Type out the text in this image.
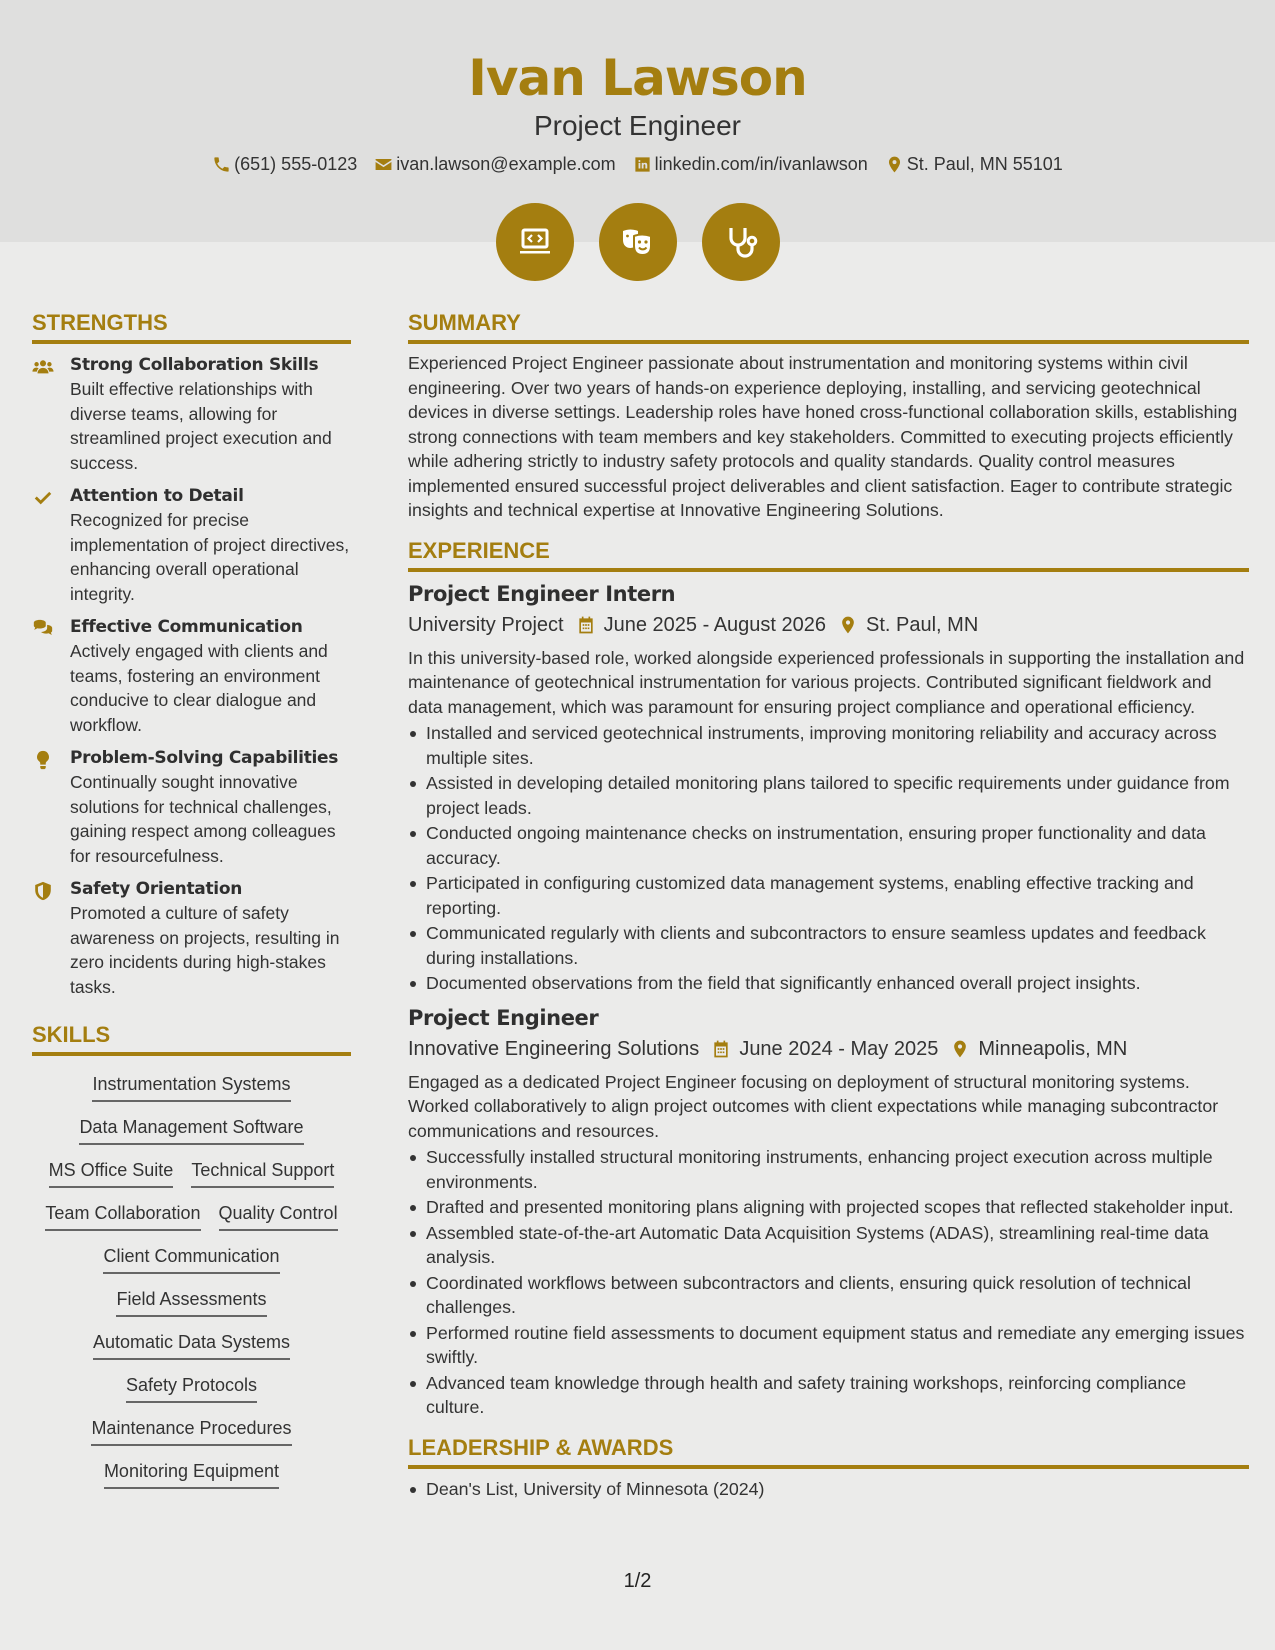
Ivan Lawson
Project Engineer
(651) 555-0123 ivan.lawson@example.com linkedin.com/in/ivanlawson St. Paul, MN 55101
STRENGTHS
Strong Collaboration Skills

Built effective relationships with diverse teams, allowing for streamlined project execution and success.

Attention to Detail

Recognized for precise implementation of project directives, enhancing overall operational integrity.

Effective Communication

Actively engaged with clients and teams, fostering an environment conducive to clear dialogue and workflow.

Problem-Solving Capabilities

Continually sought innovative solutions for technical challenges, gaining respect among colleagues for resourcefulness.

Safety Orientation

Promoted a culture of safety awareness on projects, resulting in zero incidents during high-stakes tasks.

SKILLS
Instrumentation Systems
Data Management Software
MS Office Suite Technical Support
Team Collaboration Quality Control
Client Communication
Field Assessments
Automatic Data Systems
Safety Protocols
Maintenance Procedures
Monitoring Equipment
SUMMARY

Experienced Project Engineer passionate about instrumentation and monitoring systems within civil engineering. Over two years of hands-on experience deploying, installing, and servicing geotechnical devices in diverse settings. Leadership roles have honed cross-functional collaboration skills, establishing strong connections with team members and key stakeholders. Committed to executing projects efficiently while adhering strictly to industry safety protocols and quality standards. Quality control measures implemented ensured successful project deliverables and client satisfaction. Eager to contribute strategic insights and technical expertise at Innovative Engineering Solutions.

EXPERIENCE
Project Engineer Intern
University Project June 2025 - August 2026 St. Paul, MN

In this university-based role, worked alongside experienced professionals in supporting the installation and maintenance of geotechnical instrumentation for various projects. Contributed significant fieldwork and data management, which was paramount for ensuring project compliance and operational efficiency.

Installed and serviced geotechnical instruments, improving monitoring reliability and accuracy across multiple sites.
Assisted in developing detailed monitoring plans tailored to specific requirements under guidance from project leads.
Conducted ongoing maintenance checks on instrumentation, ensuring proper functionality and data accuracy.
Participated in configuring customized data management systems, enabling effective tracking and reporting.
Communicated regularly with clients and subcontractors to ensure seamless updates and feedback during installations.
Documented observations from the field that significantly enhanced overall project insights.
Project Engineer
Innovative Engineering Solutions June 2024 - May 2025 Minneapolis, MN

Engaged as a dedicated Project Engineer focusing on deployment of structural monitoring systems. Worked collaboratively to align project outcomes with client expectations while managing subcontractor communications and resources.

Successfully installed structural monitoring instruments, enhancing project execution across multiple environments.
Drafted and presented monitoring plans aligning with projected scopes that reflected stakeholder input.
Assembled state-of-the-art Automatic Data Acquisition Systems (ADAS), streamlining real-time data analysis.
Coordinated workflows between subcontractors and clients, ensuring quick resolution of technical challenges.
Performed routine field assessments to document equipment status and remediate any emerging issues swiftly.
Advanced team knowledge through health and safety training workshops, reinforcing compliance culture.
LEADERSHIP & AWARDS
Dean's List, University of Minnesota (2024)
1/2
